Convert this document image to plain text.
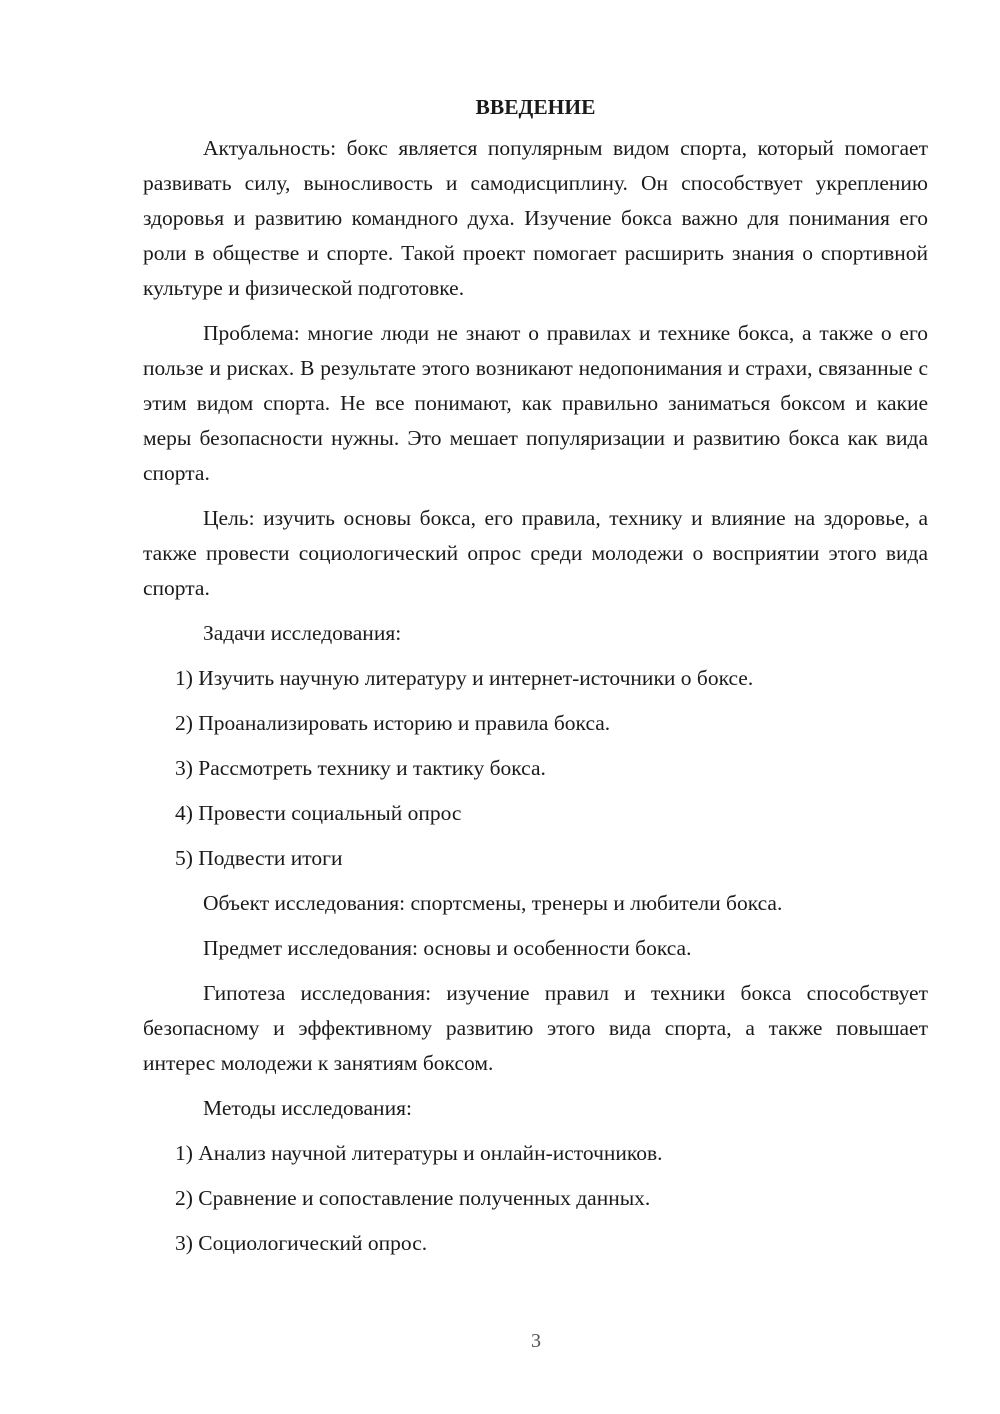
ВВЕДЕНИЕ

Актуальность: бокс является популярным видом спорта, который помогает развивать силу, выносливость и самодисциплину. Он способствует укреплению здоровья и развитию командного духа. Изучение бокса важно для понимания его роли в обществе и спорте. Такой проект помогает расширить знания о спортивной культуре и физической подготовке.

Проблема: многие люди не знают о правилах и технике бокса, а также о его пользе и рисках. В результате этого возникают недопонимания и страхи, связанные с этим видом спорта. Не все понимают, как правильно заниматься боксом и какие меры безопасности нужны. Это мешает популяризации и развитию бокса как вида спорта.

Цель: изучить основы бокса, его правила, технику и влияние на здоровье, а также провести социологический опрос среди молодежи о восприятии этого вида спорта.

Задачи исследования:

1) Изучить научную литературу и интернет-источники о боксе.
2) Проанализировать историю и правила бокса.
3) Рассмотреть технику и тактику бокса.
4) Провести социальный опрос
5) Подвести итоги

Объект исследования: спортсмены, тренеры и любители бокса.

Предмет исследования: основы и особенности бокса.

Гипотеза исследования: изучение правил и техники бокса способствует безопасному и эффективному развитию этого вида спорта, а также повышает интерес молодежи к занятиям боксом.

Методы исследования:

1) Анализ научной литературы и онлайн-источников.
2) Сравнение и сопоставление полученных данных.
3) Социологический опрос.
3
